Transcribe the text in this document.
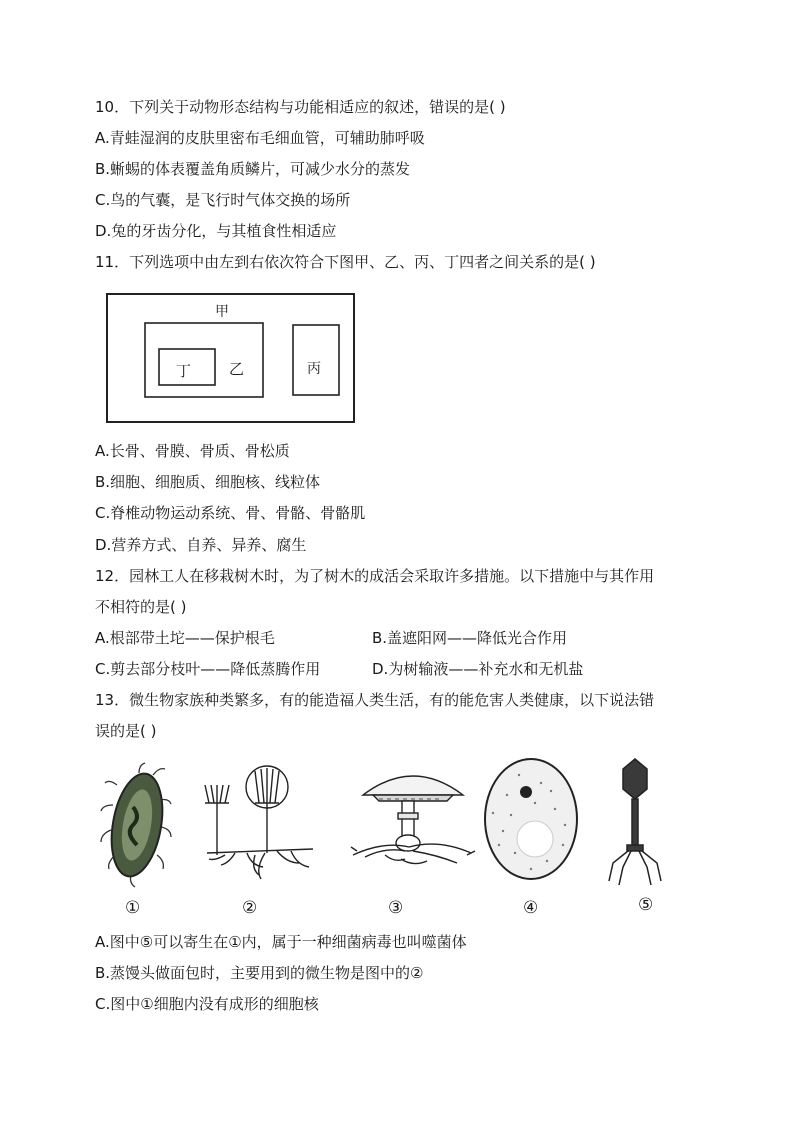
10．下列关于动物形态结构与功能相适应的叙述，错误的是( )
A.青蛙湿润的皮肤里密布毛细血管，可辅助肺呼吸
B.蜥蜴的体表覆盖角质鳞片，可减少水分的蒸发
C.鸟的气囊，是飞行时气体交换的场所
D.兔的牙齿分化，与其植食性相适应
11．下列选项中由左到右依次符合下图甲、乙、丙、丁四者之间关系的是( )
甲
乙
丁	丙
A.长骨、骨膜、骨质、骨松质
B.细胞、细胞质、细胞核、线粒体
C.脊椎动物运动系统、骨、骨骼、骨骼肌
D.营养方式、自养、异养、腐生
12．园林工人在移栽树木时，为了树木的成活会采取许多措施。以下措施中与其作用
不相符的是( )
A.根部带土坨——保护根毛	B.盖遮阳网——降低光合作用
C.剪去部分枝叶——降低蒸腾作用	D.为树输液——补充水和无机盐
13．微生物家族种类繁多，有的能造福人类生活，有的能危害人类健康，以下说法错
误的是( )
①	②	③	④	⑤
A.图中⑤可以寄生在①内，属于一种细菌病毒也叫噬菌体
B.蒸馒头做面包时，主要用到的微生物是图中的②
C.图中①细胞内没有成形的细胞核
